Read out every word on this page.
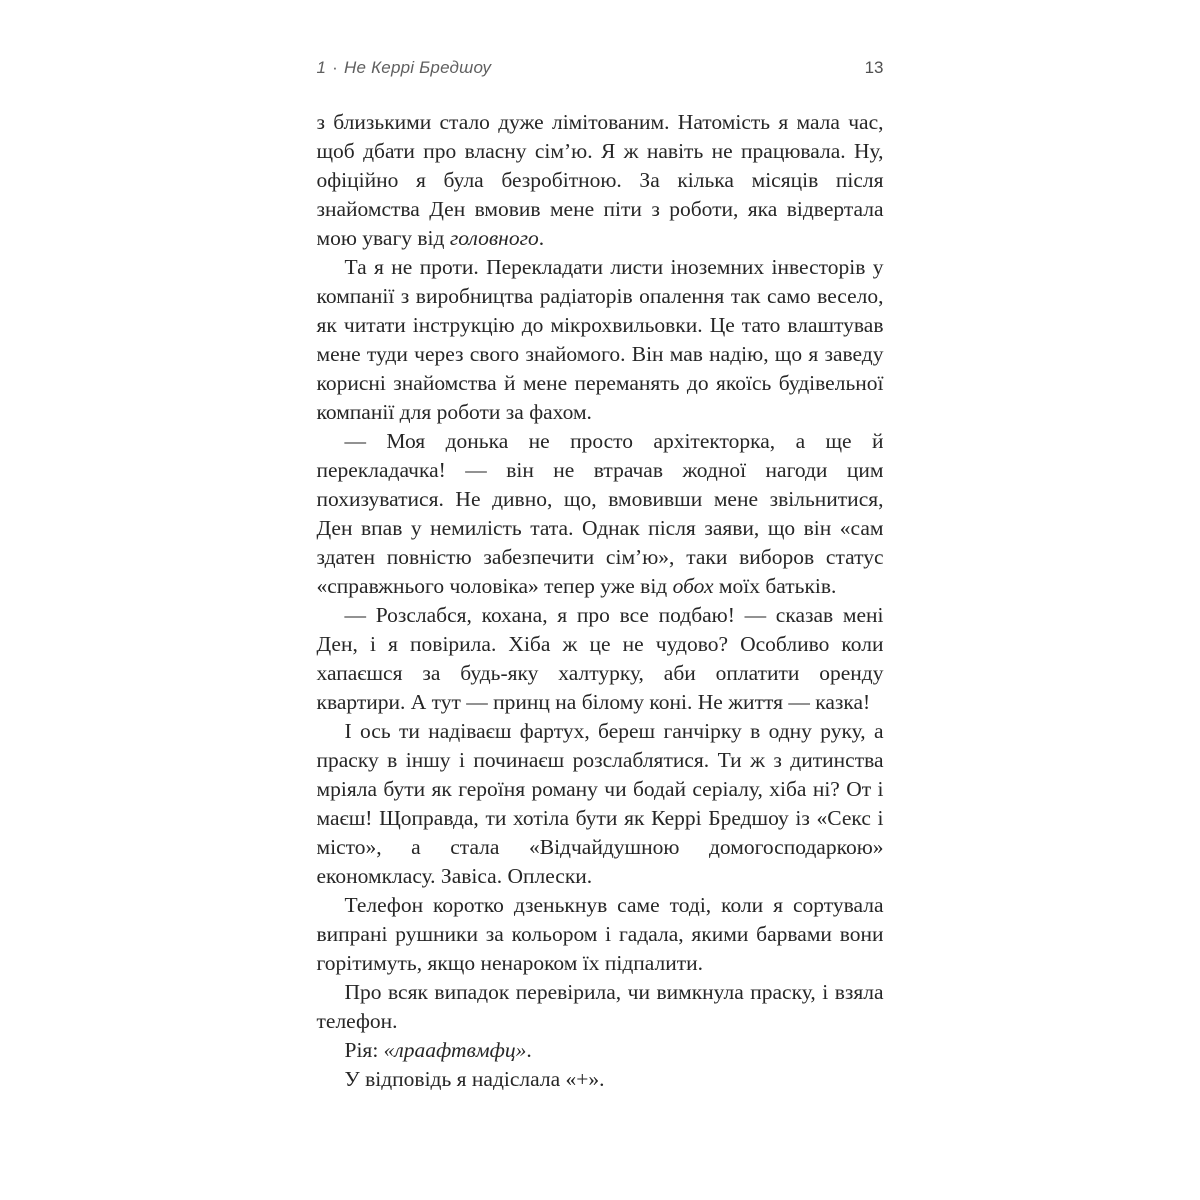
1 · Не Керрі Бредшоу	13

з близькими стало дуже лімітованим. Натомість я мала час, щоб дбати про власну сім’ю. Я ж навіть не працювала. Ну, офіційно я була безробітною. За кілька місяців після знайомства Ден вмовив мене піти з роботи, яка відвертала мою увагу від головного.

Та я не проти. Перекладати листи іноземних інвесторів у компанії з виробництва радіаторів опалення так само весело, як читати інструкцію до мікрохвильовки. Це тато влаштував мене туди через свого знайомого. Він мав надію, що я заведу корисні знайомства й мене переманять до якоїсь будівельної компанії для роботи за фахом.

— Моя донька не просто архітекторка, а ще й перекладачка! — він не втрачав жодної нагоди цим похизуватися. Не дивно, що, вмовивши мене звільнитися, Ден впав у немилість тата. Однак після заяви, що він «сам здатен повністю забезпечити сім’ю», таки виборов статус «справжнього чоловіка» тепер уже від обох моїх батьків.

— Розслабся, кохана, я про все подбаю! — сказав мені Ден, і я повірила. Хіба ж це не чудово? Особливо коли хапаєшся за будь-яку халтурку, аби оплатити оренду квартири. А тут — принц на білому коні. Не життя — казка!

І ось ти надіваєш фартух, береш ганчірку в одну руку, а праску в іншу і починаєш розслаблятися. Ти ж з дитинства мріяла бути як героїня роману чи бодай серіалу, хіба ні? От і маєш! Щоправда, ти хотіла бути як Керрі Бредшоу із «Секс і місто», а стала «Відчайдушною домогосподаркою» економкласу. Завіса. Оплески.

Телефон коротко дзенькнув саме тоді, коли я сортувала випрані рушники за кольором і гадала, якими барвами вони горітимуть, якщо ненароком їх підпалити.

Про всяк випадок перевірила, чи вимкнула праску, і взяла телефон.

Рія: «лраафтвмфц».

У відповідь я надіслала «+».
